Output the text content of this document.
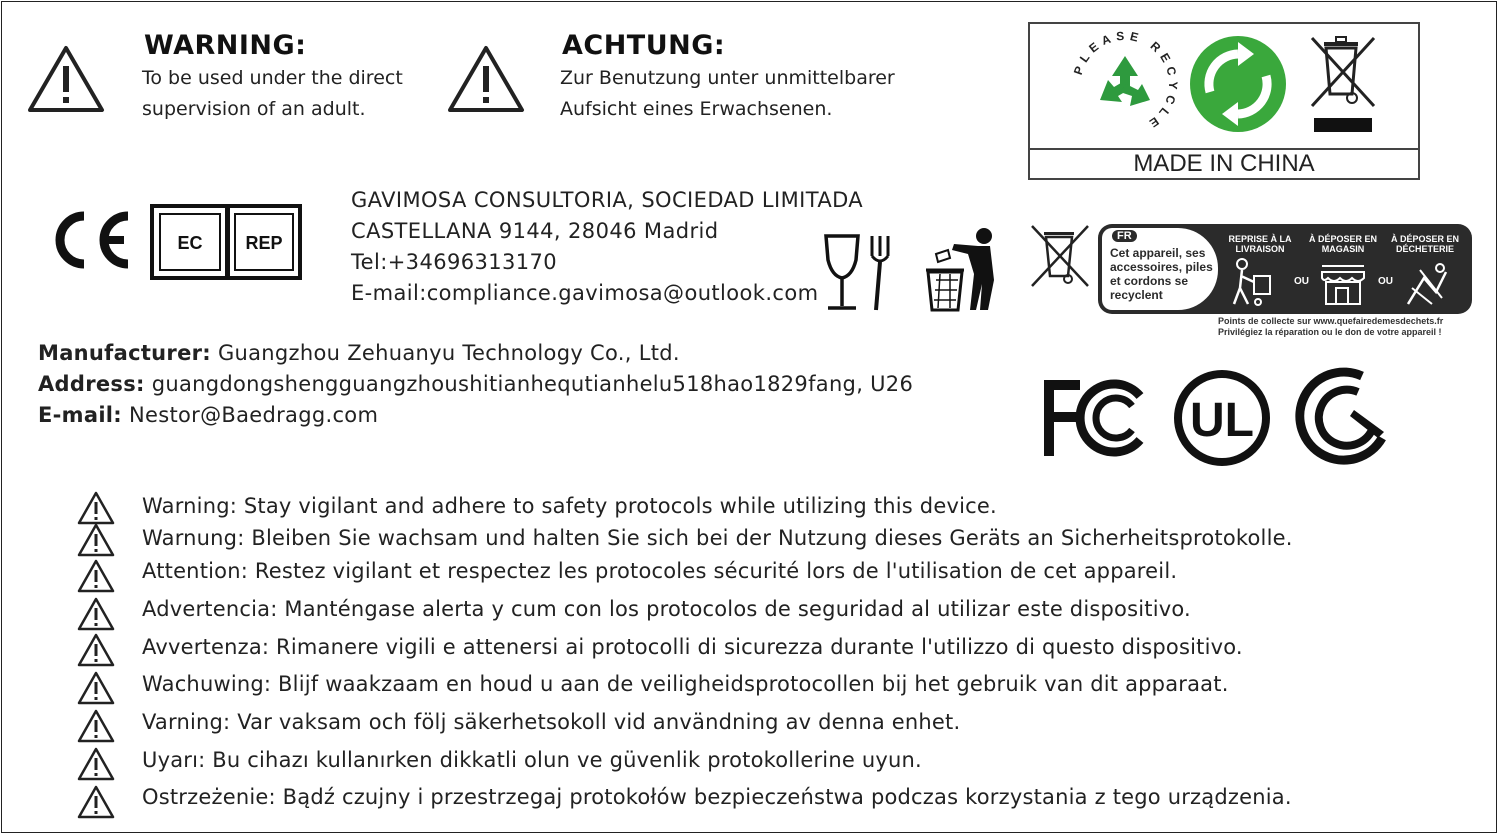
WARNING:
To be used under the direct
supervision of an adult.
ACHTUNG:
Zur Benutzung unter unmittelbarer
Aufsicht eines Erwachsenen.
PLEASE RECYCLE
MADE IN CHINA
EC REP
GAVIMOSA CONSULTORIA, SOCIEDAD LIMITADA
CASTELLANA 9144, 28046 Madrid
Tel:+34696313170
E-mail:compliance.gavimosa@outlook.com
FR
Cet appareil, ses accessoires, piles et cordons se recyclent
REPRISE À LA LIVRAISON
À DÉPOSER EN MAGASIN
À DÉPOSER EN DÉCHETERIE
OU	OU
Points de collecte sur www.quefairedemesdechets.fr
Privilégiez la réparation ou le don de votre appareil !
Manufacturer: Guangzhou Zehuanyu Technology Co., Ltd.
Address: guangdongshengguangzhoushitianhequtianhelu518hao1829fang, U26
E-mail: Nestor@Baedragg.com	UL
Warning: Stay vigilant and adhere to safety protocols while utilizing this device.
Warnung: Bleiben Sie wachsam und halten Sie sich bei der Nutzung dieses Geräts an Sicherheitsprotokolle.
Attention: Restez vigilant et respectez les protocoles sécurité lors de l'utilisation de cet appareil.
Advertencia: Manténgase alerta y cum con los protocolos de seguridad al utilizar este dispositivo.
Avvertenza: Rimanere vigili e attenersi ai protocolli di sicurezza durante l'utilizzo di questo dispositivo.
Wachuwing: Blijf waakzaam en houd u aan de veiligheidsprotocollen bij het gebruik van dit apparaat.
Varning: Var vaksam och följ säkerhetsokoll vid användning av denna enhet.
Uyarı: Bu cihazı kullanırken dikkatli olun ve güvenlik protokollerine uyun.
Ostrzeżenie: Bądź czujny i przestrzegaj protokołów bezpieczeństwa podczas korzystania z tego urządzenia.
